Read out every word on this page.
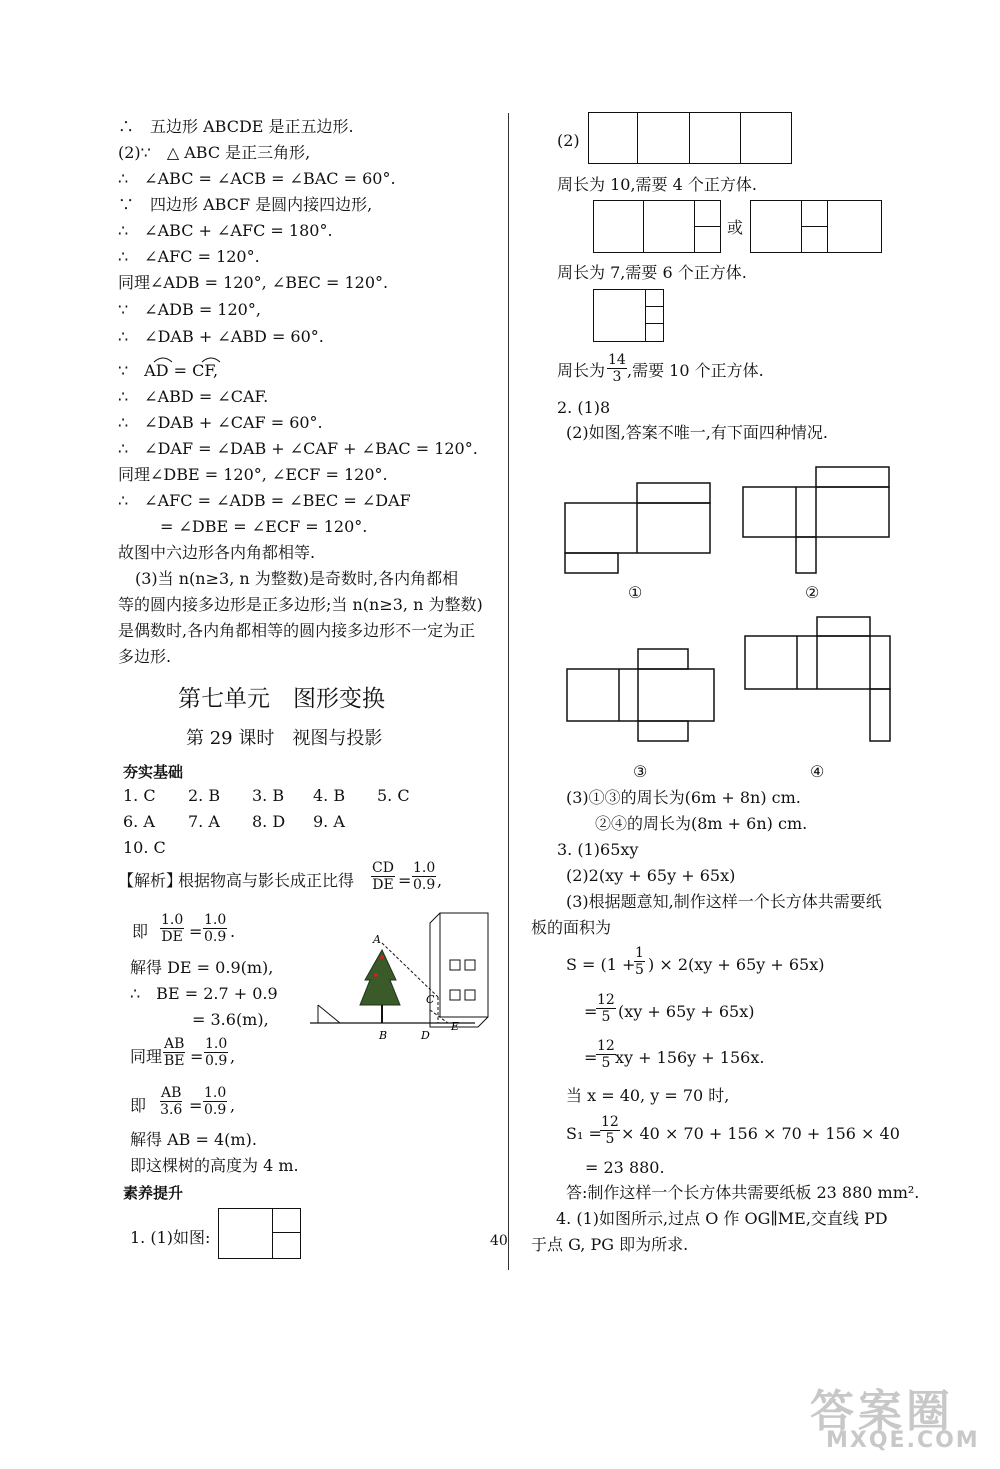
∴　五边形 ABCDE 是正五边形.
(2)∵　△ ABC 是正三角形,
∴　∠ABC = ∠ACB = ∠BAC = 60°.
∵　四边形 ABCF 是圆内接四边形,
∴　∠ABC + ∠AFC = 180°.
∴　∠AFC = 120°.
同理∠ADB = 120°, ∠BEC = 120°.
∵　∠ADB = 120°,
∴　∠DAB + ∠ABD = 60°.
∵　AD = CF,
∴　∠ABD = ∠CAF.
∴　∠DAB + ∠CAF = 60°.
∴　∠DAF = ∠DAB + ∠CAF + ∠BAC = 120°.
同理∠DBE = 120°, ∠ECF = 120°.
∴　∠AFC = ∠ADB = ∠BEC = ∠DAF
= ∠DBE = ∠ECF = 120°.
故图中六边形各内角都相等.
(3)当 n(n≥3, n 为整数)是奇数时,各内角都相
等的圆内接多边形是正多边形;当 n(n≥3, n 为整数)
是偶数时,各内角都相等的圆内接多边形不一定为正
多边形.
第七单元　图形变换
第 29 课时　视图与投影
夯实基础
1. C 2. B 3. B 4. B 5. C
6. A 7. A 8. D 9. A
10. C
【解析】
根据物高与影长成正比得 $\frac{CD}{DE} = \frac{1.0}{0.9}$ ,
即 $\frac{1.0}{DE} = \frac{1.0}{0.9}$ .
解得 DE = 0.9(m),
∴　BE = 2.7 + 0.9
= 3.6(m),
同理 $\frac{AB}{BE} = \frac{1.0}{0.9}$ ,
即 $\frac{AB}{3.6} = \frac{1.0}{0.9}$ ,
解得 AB = 4(m).
即这棵树的高度为 4 m.
素养提升
1. (1)如图:
A
C
B	D
E
(2)
周长为 10,需要 4 个正方体.
或
周长为 7,需要 6 个正方体.
周长为 $\frac{14}{3}$ ,需要 10 个正方体.
2. (1)8
(2)如图,答案不唯一,有下面四种情况.
①	②
③	④
(3)①③的周长为(6m + 8n) cm.
②④的周长为(8m + 6n) cm.
3. (1)65xy
(2)2(xy + 65y + 65x)
(3)根据题意知,制作这样一个长方体共需要纸
板的面积为
S = (1 +
$\frac{1}{5}$ ) × 2(xy + 65y + 65x)
=
$\frac{12}{5} (xy + 65y + 65x)$
=
$\frac{12}{5}$ xy + 156y + 156x.
当 x = 40, y = 70 时,
S₁ =
$\frac{12}{5} \times 40 \times 70 + 156 \times 70 + 156 \times 40$
= 23 880.
答:制作这样一个长方体共需要纸板 23 880 mm².
4. (1)如图所示,过点 O 作 OG∥ME,交直线 PD
于点 G, PG 即为所求.
40
答案圈
MXQE.COM
